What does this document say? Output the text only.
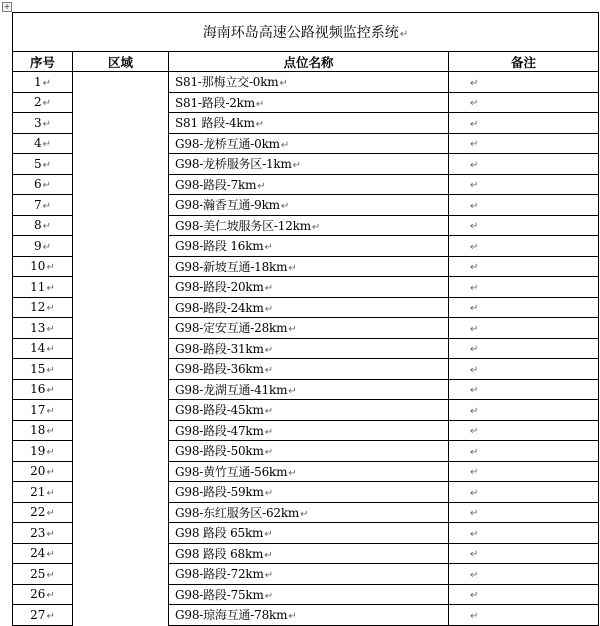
+
海南环岛高速公路视频监控系统↵			
序号	区域	点位名称	备注
1↵		S81-那梅立交-0km↵	↵
2↵		S81-路段-2km↵	↵
3↵		S81 路段-4km↵	↵
4↵		G98-龙桥互通-0km↵	↵
5↵		G98-龙桥服务区-1km↵	↵
6↵		G98-路段-7km↵	↵
7↵		G98-瀚香互通-9km↵	↵
8↵		G98-美仁坡服务区-12km↵	↵
9↵		G98-路段 16km↵	↵
10↵		G98-新坡互通-18km↵	↵
11↵		G98-路段-20km↵	↵
12↵		G98-路段-24km↵	↵
13↵		G98-定安互通-28km↵	↵
14↵		G98-路段-31km↵	↵
15↵		G98-路段-36km↵	↵
16↵		G98-龙湖互通-41km↵	↵
17↵		G98-路段-45km↵	↵
18↵		G98-路段-47km↵	↵
19↵		G98-路段-50km↵	↵
20↵		G98-黄竹互通-56km↵	↵
21↵		G98-路段-59km↵	↵
22↵		G98-东红服务区-62km↵	↵
23↵		G98 路段 65km↵	↵
24↵		G98 路段 68km↵	↵
25↵		G98-路段-72km↵	↵
26↵		G98-路段-75km↵	↵
27↵		G98-琼海互通-78km↵	↵
